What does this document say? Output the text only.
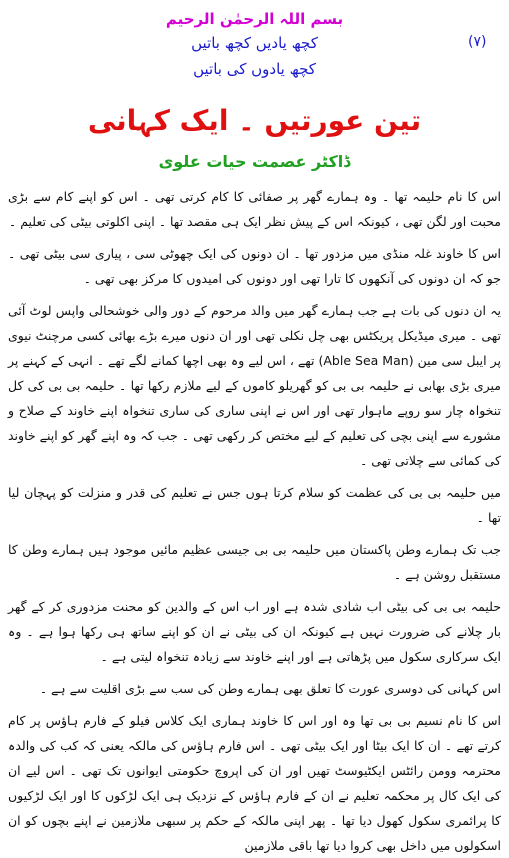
بسم اللہ الرحمٰن الرحیم
(۷)
کچھ یادیں کچھ باتیں
کچھ یادوں کی باتیں
تین عورتیں ۔ ایک کہانی
ڈاکٹر عصمت حیات علوی

اس کا نام حلیمہ تھا ۔ وہ ہمارے گھر پر صفائی کا کام کرتی تھی ۔ اس کو اپنے کام سے بڑی محبت اور لگن تھی ، کیونکہ اس کے پیش نظر ایک ہی مقصد تھا ۔ اپنی اکلوتی بیٹی کی تعلیم ۔

اس کا خاوند غلہ منڈی میں مزدور تھا ۔ ان دونوں کی ایک چھوٹی سی ، پیاری سی بیٹی تھی ۔ جو کہ ان دونوں کی آنکھوں کا تارا تھی اور دونوں کی امیدوں کا مرکز بھی تھی ۔

یہ ان دنوں کی بات ہے جب ہمارے گھر میں والد مرحوم کے دور والی خوشحالی واپس لوٹ آئی تھی ۔ میری میڈیکل پریکٹس بھی چل نکلی تھی اور ان دنوں میرے بڑے بھائی کسی مرچنٹ نیوی پر ایبل سی مین (Able Sea Man) تھے ، اس لیے وہ بھی اچھا کمانے لگے تھے ۔ انہی کے کہنے پر میری بڑی بھابی نے حلیمہ بی بی کو گھریلو کاموں کے لیے ملازم رکھا تھا ۔ حلیمہ بی بی کی کل تنخواہ چار سو روپے ماہوار تھی اور اس نے اپنی ساری کی ساری تنخواہ اپنے خاوند کے صلاح و مشورے سے اپنی بچی کی تعلیم کے لیے مختص کر رکھی تھی ۔ جب کہ وہ اپنے گھر کو اپنے خاوند کی کمائی سے چلاتی تھی ۔

میں حلیمہ بی بی کی عظمت کو سلام کرتا ہوں جس نے تعلیم کی قدر و منزلت کو پہچان لیا تھا ۔

جب تک ہمارے وطن پاکستان میں حلیمہ بی بی جیسی عظیم مائیں موجود ہیں ہمارے وطن کا مستقبل روشن ہے ۔

حلیمہ بی بی کی بیٹی اب شادی شدہ ہے اور اب اس کے والدین کو محنت مزدوری کر کے گھر بار چلانے کی ضرورت نہیں ہے کیونکہ ان کی بیٹی نے ان کو اپنے ساتھ ہی رکھا ہوا ہے ۔ وہ ایک سرکاری سکول میں پڑھاتی ہے اور اپنے خاوند سے زیادہ تنخواہ لیتی ہے ۔

اس کہانی کی دوسری عورت کا تعلق بھی ہمارے وطن کی سب سے بڑی اقلیت سے ہے ۔

اس کا نام نسیم بی بی تھا وہ اور اس کا خاوند ہماری ایک کلاس فیلو کے فارم ہاؤس پر کام کرتے تھے ۔ ان کا ایک بیٹا اور ایک بیٹی تھی ۔ اس فارم ہاؤس کی مالکہ یعنی کہ کب کی والدہ محترمہ وومن رائٹس ایکٹیوسٹ تھیں اور ان کی اپروچ حکومتی ایوانوں تک تھی ۔ اس لیے ان کی ایک کال پر محکمہ تعلیم نے ان کے فارم ہاؤس کے نزدیک ہی ایک لڑکوں کا اور ایک لڑکیوں کا پرائمری سکول کھول دیا تھا ۔ پھر اپنی مالکہ کے حکم پر سبھی ملازمین نے اپنے بچوں کو ان اسکولوں میں داخل بھی کروا دیا تھا باقی ملازمین
